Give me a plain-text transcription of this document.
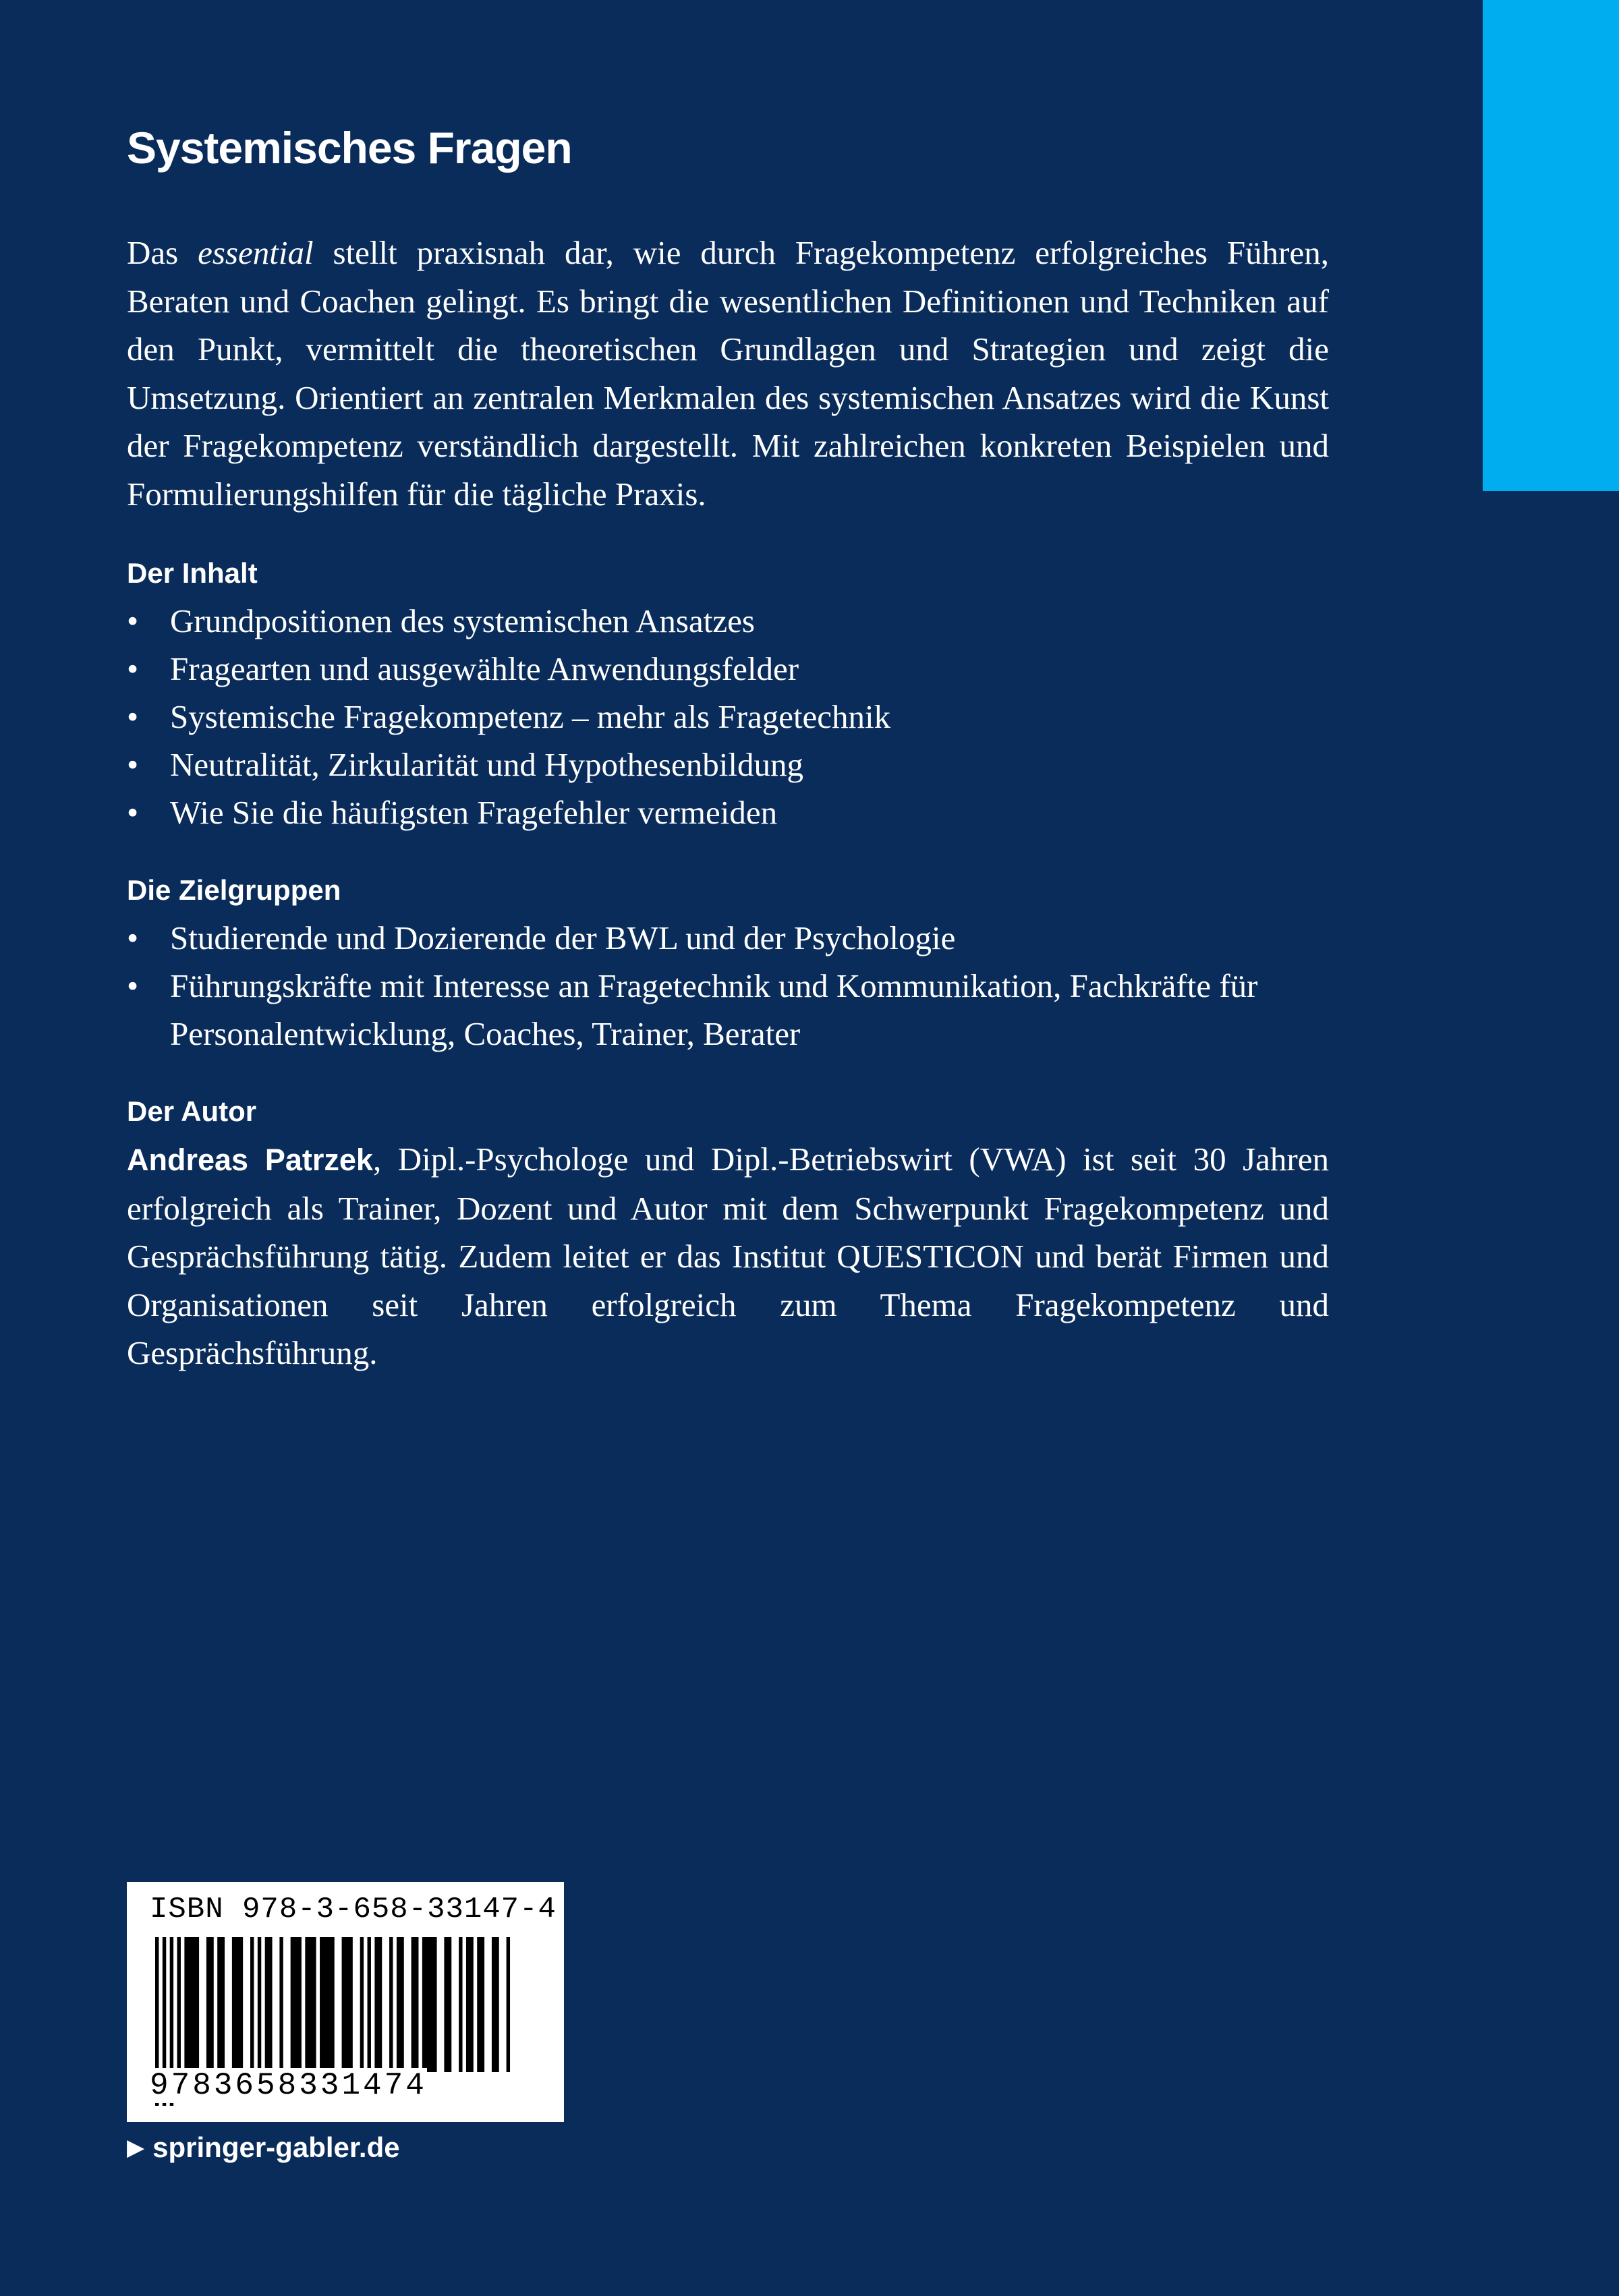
Systemisches Fragen

Das essential stellt praxisnah dar, wie durch Fragekompetenz erfolgreiches Führen, Beraten und Coachen gelingt. Es bringt die wesentlichen Definitionen und Techniken auf den Punkt, vermittelt die theoretischen Grundlagen und Strategien und zeigt die Umsetzung. Orientiert an zentralen Merkmalen des systemischen Ansatzes wird die Kunst der Fragekompetenz verständlich dargestellt. Mit zahlreichen konkreten Beispielen und Formulierungshilfen für die tägliche Praxis.

Der Inhalt
• Grundpositionen des systemischen Ansatzes
• Fragearten und ausgewählte Anwendungsfelder
• Systemische Fragekompetenz – mehr als Fragetechnik
• Neutralität, Zirkularität und Hypothesenbildung
• Wie Sie die häufigsten Fragefehler vermeiden
Die Zielgruppen
• Studierende und Dozierende der BWL und der Psychologie
• Führungskräfte mit Interesse an Fragetechnik und Kommunikation, Fachkräfte für Personalentwicklung, Coaches, Trainer, Berater
Der Autor

Andreas Patrzek, Dipl.-Psychologe und Dipl.-Betriebswirt (VWA) ist seit 30 Jahren erfolgreich als Trainer, Dozent und Autor mit dem Schwerpunkt Fragekompetenz und Gesprächsführung tätig. Zudem leitet er das Institut QUESTICON und berät Firmen und Organisationen seit Jahren erfolgreich zum Thema Fragekompetenz und Gesprächsführung.

ISBN 978-3-658-33147-4
9783658331474
▶ springer-gabler.de
